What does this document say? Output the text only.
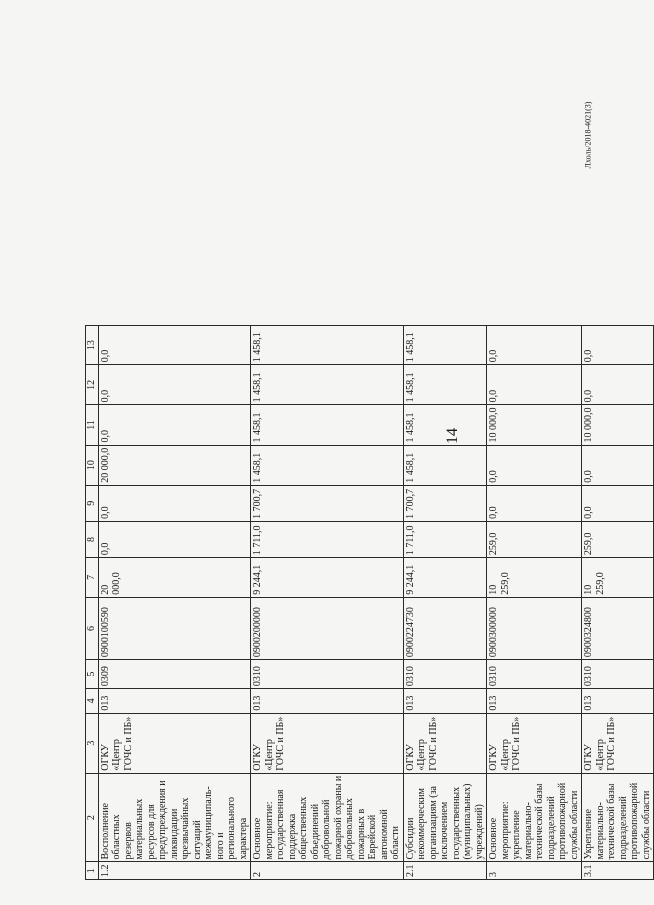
14
Лхоль/2018-4021(3)
1	2	3	4	5	6	7	8	9	10	11	12	13
1.2	Восполнение областных резервов материальных ресурсов для предупреждения и ликвидации чрезвычайных ситуаций межмуниципаль-ного и регионального характера	ОГКУ «Центр ГОЧС и ПБ»	013	0309	0900100590	20 000,0	0,0	0,0	20 000,0	0,0	0,0	0,0
2	Основное мероприятие: государственная поддержка общественных объединений добровольной пожарной охраны и добровольных пожарных в Еврейской автономной области	ОГКУ «Центр ГОЧС и ПБ»	013	0310	0900200000	9 244,1	1 711,0	1 700,7	1 458,1	1 458,1	1 458,1	1 458,1
2.1	Субсидии некоммерческим организациям (за исключением государственных (муниципальных) учреждений)	ОГКУ «Центр ГОЧС и ПБ»	013	0310	0900224730	9 244,1	1 711,0	1 700,7	1 458,1	1 458,1	1 458,1	1 458,1
3	Основное мероприятие: укрепление материально-технической базы подразделений противопожарной службы области	ОГКУ «Центр ГОЧС и ПБ»	013	0310	0900300000	10 259,0	259,0	0,0	0,0	10 000,0	0,0	0,0
3.1	Укрепление материально-технической базы подразделений противопожарной службы области	ОГКУ «Центр ГОЧС и ПБ»	013	0310	0900324800	10 259,0	259,0	0,0	0,0	10 000,0	0,0	0,0
